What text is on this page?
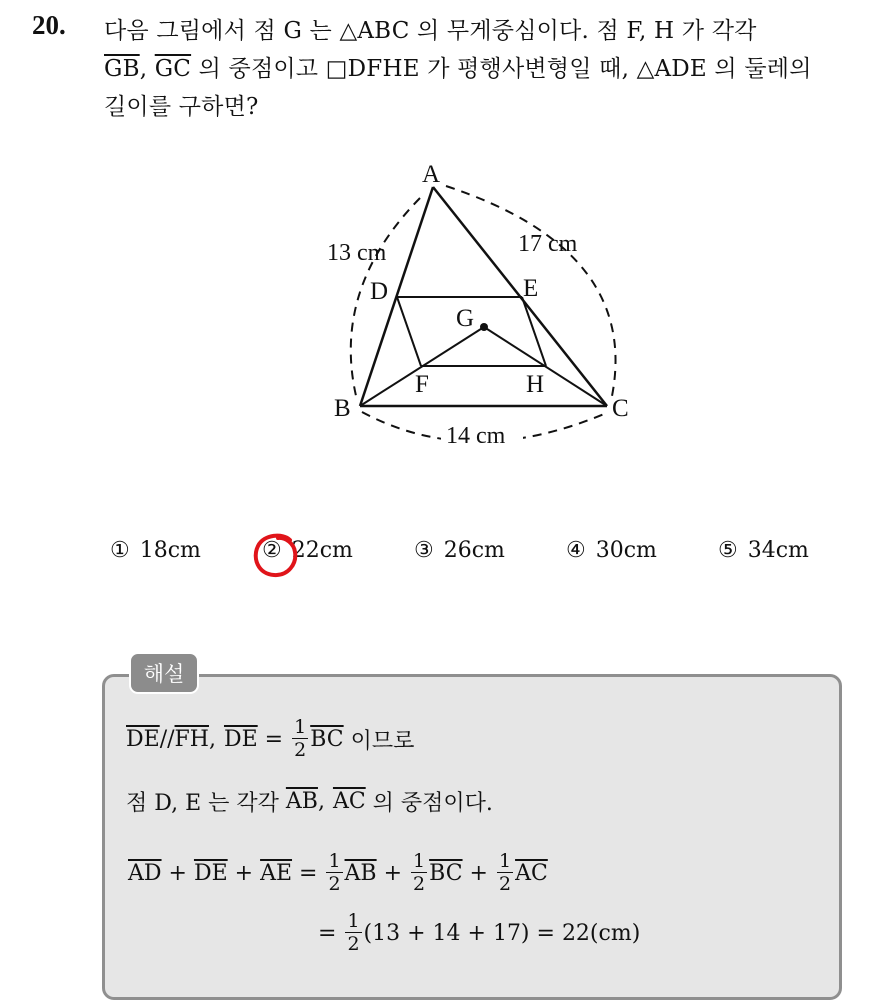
20. 다음 그림에서 점 G 는 △ABC 의 무게중심이다. 점 F, H 가 각각
$\overline{GB}$, $\overline{GC}$ 의 중점이고 □DFHE 가 평행사변형일 때, △ADE 의 둘레의
길이를 구하면?
A
B	C
D	E
F
G
H
13 cm	17 cm
14 cm
① 18cm	② 22cm	③ 26cm	④ 30cm	⑤ 34cm
해설
$\overline{DE} // \overline{FH}$ , $\overline{DE} = \frac{1}{2} \overline{BC}$ 이므로
점 D, E 는 각각 $\overline{AB}$ , $\overline{AC}$ 의 중점이다.
$\overline{AD} + \overline{DE} + \overline{AE} = \frac{1}{2} \overline{AB} + \frac{1}{2} \overline{BC} + \frac{1}{2} \overline{AC}$
= $\frac{1}{2} (13 + 14 + 17) = 22(cm)$
